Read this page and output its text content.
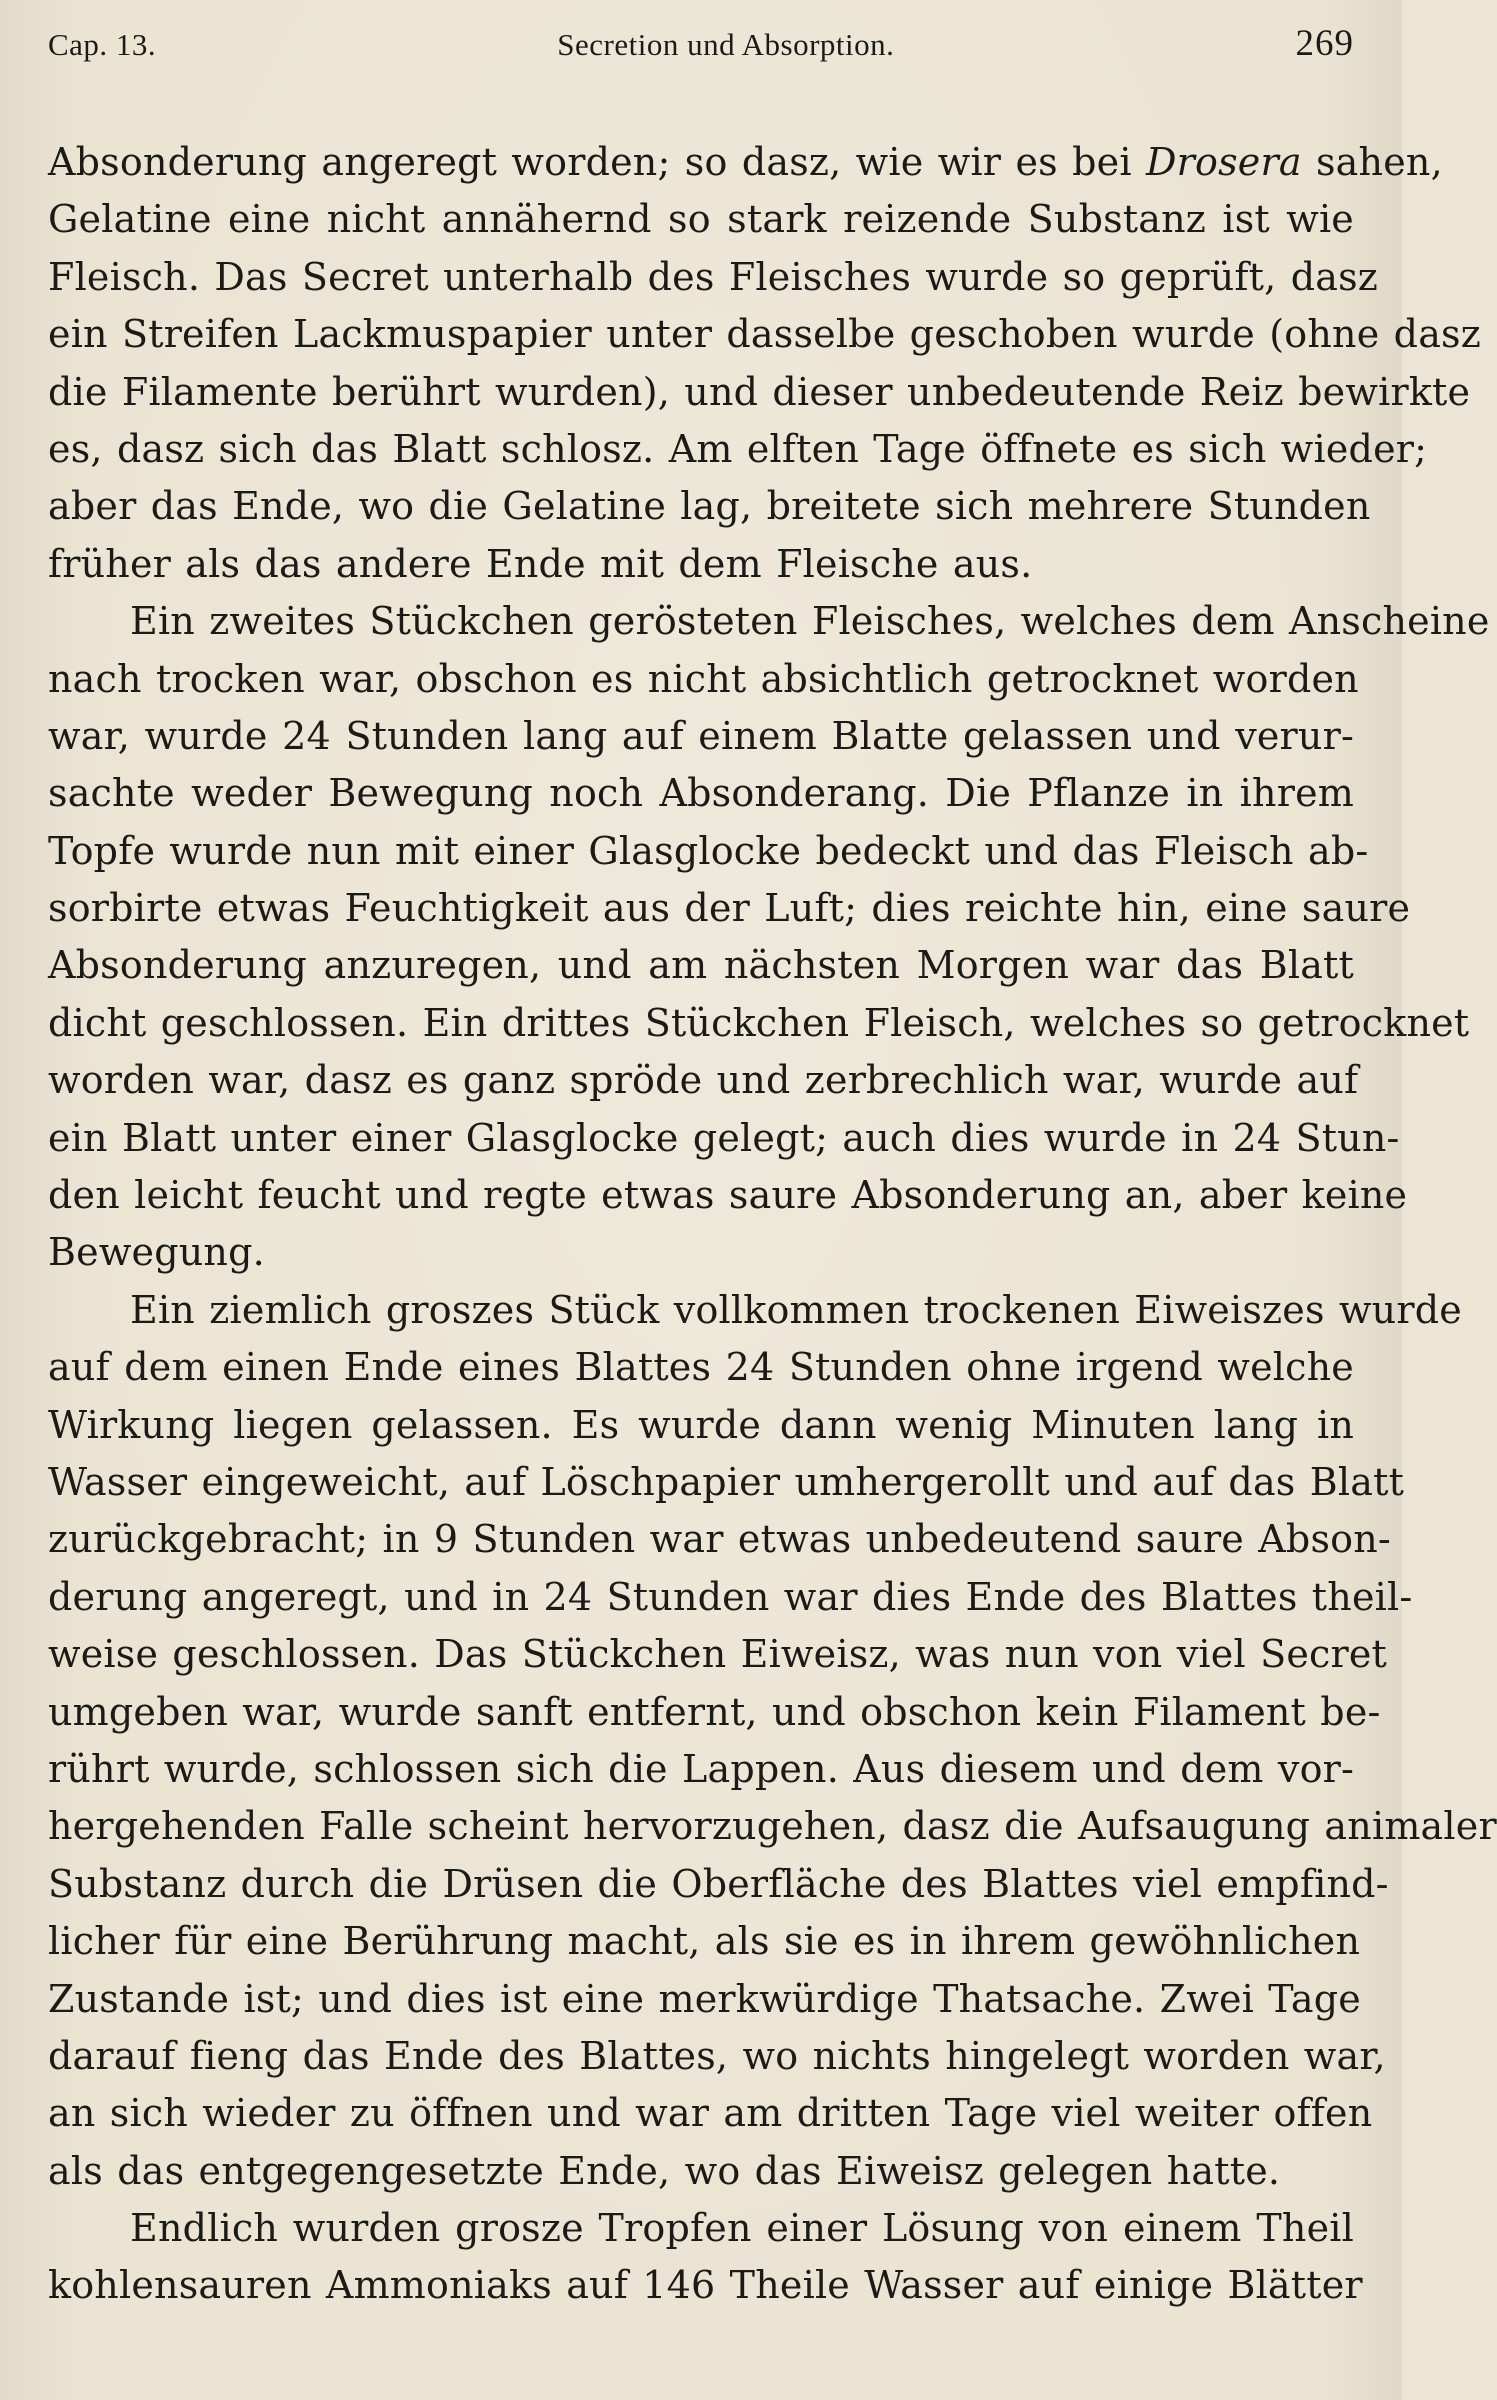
Cap. 13.	Secretion und Absorption.	269
Absonderung angeregt worden; so dasz, wie wir es bei Drosera sahen,
Gelatine eine nicht annähernd so stark reizende Substanz ist wie
Fleisch. Das Secret unterhalb des Fleisches wurde so geprüft, dasz
ein Streifen Lackmuspapier unter dasselbe geschoben wurde (ohne dasz
die Filamente berührt wurden), und dieser unbedeutende Reiz bewirkte
es, dasz sich das Blatt schlosz. Am elften Tage öffnete es sich wieder;
aber das Ende, wo die Gelatine lag, breitete sich mehrere Stunden
früher als das andere Ende mit dem Fleische aus.
Ein zweites Stückchen gerösteten Fleisches, welches dem Anscheine
nach trocken war, obschon es nicht absichtlich getrocknet worden
war, wurde 24 Stunden lang auf einem Blatte gelassen und verur-
sachte weder Bewegung noch Absonderang. Die Pflanze in ihrem
Topfe wurde nun mit einer Glasglocke bedeckt und das Fleisch ab-
sorbirte etwas Feuchtigkeit aus der Luft; dies reichte hin, eine saure
Absonderung anzuregen, und am nächsten Morgen war das Blatt
dicht geschlossen. Ein drittes Stückchen Fleisch, welches so getrocknet
worden war, dasz es ganz spröde und zerbrechlich war, wurde auf
ein Blatt unter einer Glasglocke gelegt; auch dies wurde in 24 Stun-
den leicht feucht und regte etwas saure Absonderung an, aber keine
Bewegung.
Ein ziemlich groszes Stück vollkommen trockenen Eiweiszes wurde
auf dem einen Ende eines Blattes 24 Stunden ohne irgend welche
Wirkung liegen gelassen. Es wurde dann wenig Minuten lang in
Wasser eingeweicht, auf Löschpapier umhergerollt und auf das Blatt
zurückgebracht; in 9 Stunden war etwas unbedeutend saure Abson-
derung angeregt, und in 24 Stunden war dies Ende des Blattes theil-
weise geschlossen. Das Stückchen Eiweisz, was nun von viel Secret
umgeben war, wurde sanft entfernt, und obschon kein Filament be-
rührt wurde, schlossen sich die Lappen. Aus diesem und dem vor-
hergehenden Falle scheint hervorzugehen, dasz die Aufsaugung animaler
Substanz durch die Drüsen die Oberfläche des Blattes viel empfind-
licher für eine Berührung macht, als sie es in ihrem gewöhnlichen
Zustande ist; und dies ist eine merkwürdige Thatsache. Zwei Tage
darauf fieng das Ende des Blattes, wo nichts hingelegt worden war,
an sich wieder zu öffnen und war am dritten Tage viel weiter offen
als das entgegengesetzte Ende, wo das Eiweisz gelegen hatte.
Endlich wurden grosze Tropfen einer Lösung von einem Theil
kohlensauren Ammoniaks auf 146 Theile Wasser auf einige Blätter
